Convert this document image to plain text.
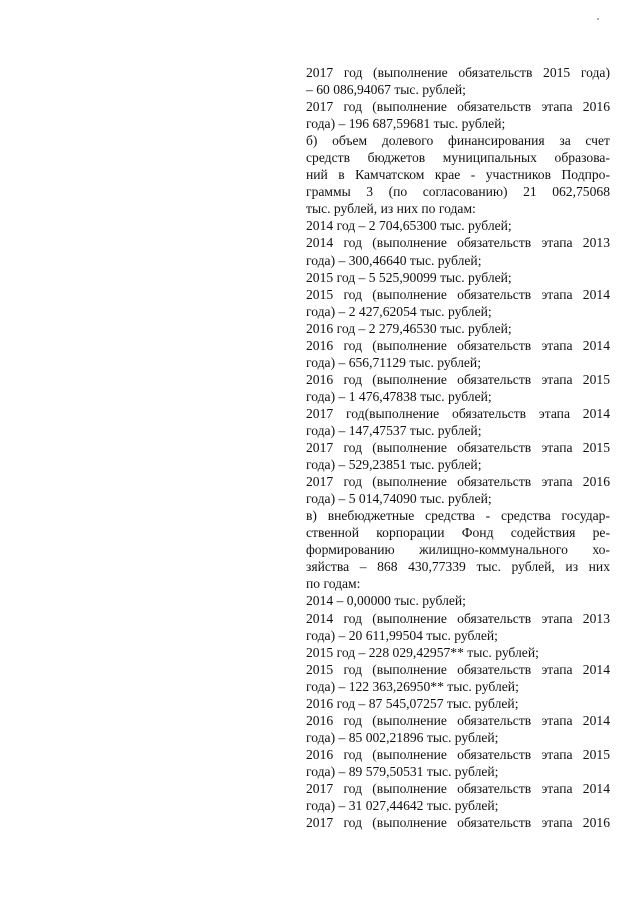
2017 год (выполнение обязательств 2015 года)
– 60 086,94067 тыс. рублей;
2017 год (выполнение обязательств этапа 2016
года) – 196 687,59681 тыс. рублей;
б) объем долевого финансирования за счет
средств бюджетов муниципальных образова-
ний в Камчатском крае - участников Подпро-
граммы 3 (по согласованию) 21 062,75068
тыс. рублей, из них по годам:
2014 год – 2 704,65300 тыс. рублей;
2014 год (выполнение обязательств этапа 2013
года) – 300,46640 тыс. рублей;
2015 год – 5 525,90099 тыс. рублей;
2015 год (выполнение обязательств этапа 2014
года) – 2 427,62054 тыс. рублей;
2016 год – 2 279,46530 тыс. рублей;
2016 год (выполнение обязательств этапа 2014
года) – 656,71129 тыс. рублей;
2016 год (выполнение обязательств этапа 2015
года) – 1 476,47838 тыс. рублей;
2017 год(выполнение обязательств этапа 2014
года) – 147,47537 тыс. рублей;
2017 год (выполнение обязательств этапа 2015
года) – 529,23851 тыс. рублей;
2017 год (выполнение обязательств этапа 2016
года) – 5 014,74090 тыс. рублей;
в) внебюджетные средства - средства государ-
ственной корпорации Фонд содействия ре-
формированию жилищно-коммунального хо-
зяйства – 868 430,77339 тыс. рублей, из них
по годам:
2014 – 0,00000 тыс. рублей;
2014 год (выполнение обязательств этапа 2013
года) – 20 611,99504 тыс. рублей;
2015 год – 228 029,42957** тыс. рублей;
2015 год (выполнение обязательств этапа 2014
года) – 122 363,26950** тыс. рублей;
2016 год – 87 545,07257 тыс. рублей;
2016 год (выполнение обязательств этапа 2014
года) – 85 002,21896 тыс. рублей;
2016 год (выполнение обязательств этапа 2015
года) – 89 579,50531 тыс. рублей;
2017 год (выполнение обязательств этапа 2014
года) – 31 027,44642 тыс. рублей;
2017 год (выполнение обязательств этапа 2016
